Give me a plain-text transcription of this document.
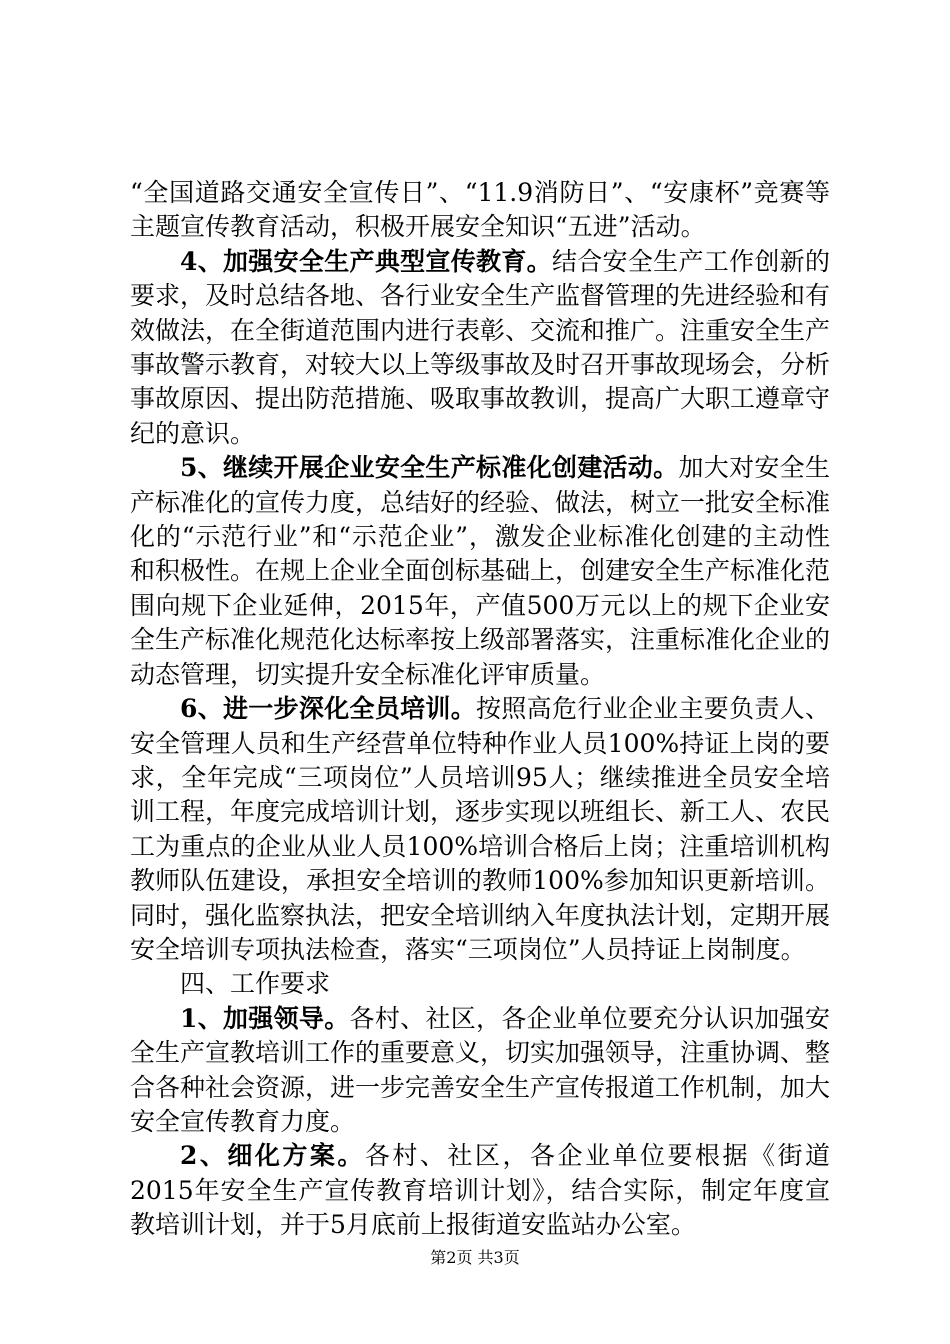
“全国道路交通安全宣传日”、“11.9消防日”、“安康杯”竞赛等主题宣传教育活动，积极开展安全知识“五进”活动。

4、加强安全生产典型宣传教育。结合安全生产工作创新的要求，及时总结各地、各行业安全生产监督管理的先进经验和有效做法，在全街道范围内进行表彰、交流和推广。注重安全生产事故警示教育，对较大以上等级事故及时召开事故现场会，分析事故原因、提出防范措施、吸取事故教训，提高广大职工遵章守纪的意识。

5、继续开展企业安全生产标准化创建活动。加大对安全生产标准化的宣传力度，总结好的经验、做法，树立一批安全标准化的“示范行业”和“示范企业”，激发企业标准化创建的主动性和积极性。在规上企业全面创标基础上，创建安全生产标准化范围向规下企业延伸，2015年，产值500万元以上的规下企业安全生产标准化规范化达标率按上级部署落实，注重标准化企业的动态管理，切实提升安全标准化评审质量。

6、进一步深化全员培训。按照高危行业企业主要负责人、安全管理人员和生产经营单位特种作业人员100%持证上岗的要求，全年完成“三项岗位”人员培训95人；继续推进全员安全培训工程，年度完成培训计划，逐步实现以班组长、新工人、农民工为重点的企业从业人员100%培训合格后上岗；注重培训机构教师队伍建设，承担安全培训的教师100%参加知识更新培训。同时，强化监察执法，把安全培训纳入年度执法计划，定期开展安全培训专项执法检查，落实“三项岗位”人员持证上岗制度。

四、工作要求

1、加强领导。各村、社区，各企业单位要充分认识加强安全生产宣教培训工作的重要意义，切实加强领导，注重协调、整合各种社会资源，进一步完善安全生产宣传报道工作机制，加大安全宣传教育力度。

2、细化方案。各村、社区，各企业单位要根据《街道2015年安全生产宣传教育培训计划》，结合实际，制定年度宣教培训计划，并于5月底前上报街道安监站办公室。

第2页 共3页
